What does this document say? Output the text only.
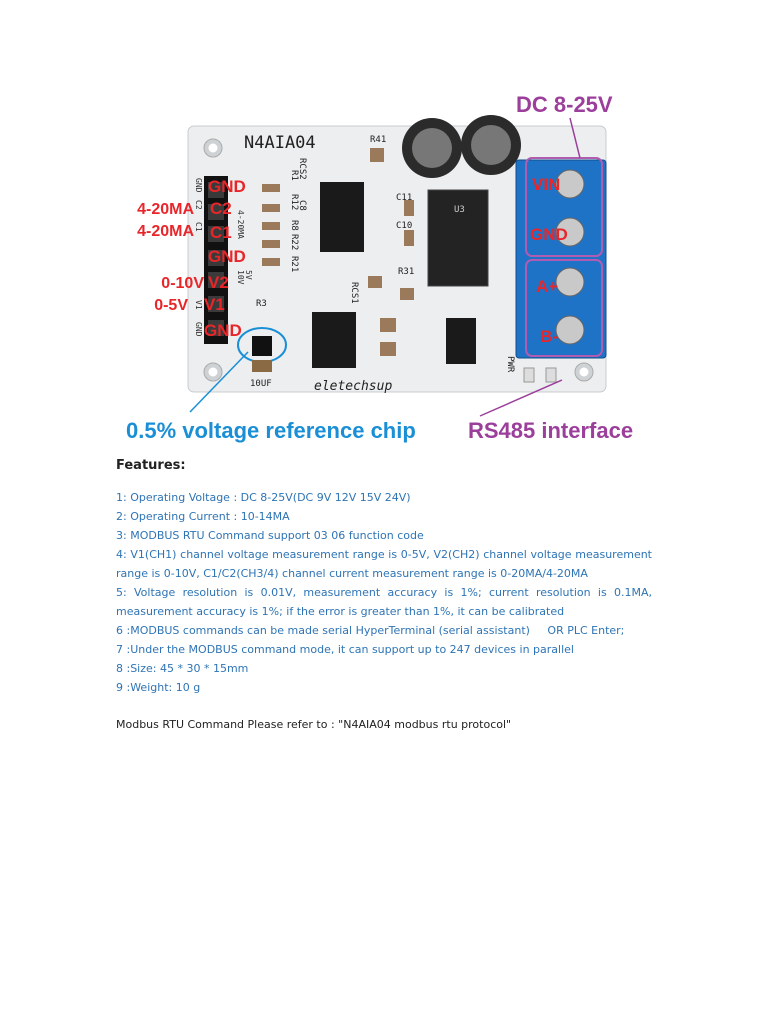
N4AIA04
eletechsup
R41
RCS2
R1
R12
R8
R22
R21
C8
C11
C10
U3
RCS1
R31
R3
10UF
PWR
GND
C2
C1	4-20MA
10V 5V
V1
GND
GND
C2
C1
GND
V2
V1
GND
4-20MA
4-20MA
0-10V
0-5V
VIN
GND
A+
B-
DC 8-25V
0.5% voltage reference chip RS485 interface
Features:
1: Operating Voltage : DC 8-25V(DC 9V 12V 15V 24V)
2: Operating Current : 10-14MA
3: MODBUS RTU Command support 03 06 function code
4: V1(CH1) channel voltage measurement range is 0-5V, V2(CH2) channel voltage measurement range is 0-10V, C1/C2(CH3/4) channel current measurement range is 0-20MA/4-20MA
5: Voltage resolution is 0.01V, measurement accuracy is 1%; current resolution is 0.1MA, measurement accuracy is 1%; if the error is greater than 1%, it can be calibrated
6 :MODBUS commands can be made serial HyperTerminal (serial assistant)     OR PLC Enter;
7 :Under the MODBUS command mode, it can support up to 247 devices in parallel
8 :Size: 45 * 30 * 15mm
9 :Weight: 10 g
Modbus RTU Command Please refer to : "N4AIA04 modbus rtu protocol"
